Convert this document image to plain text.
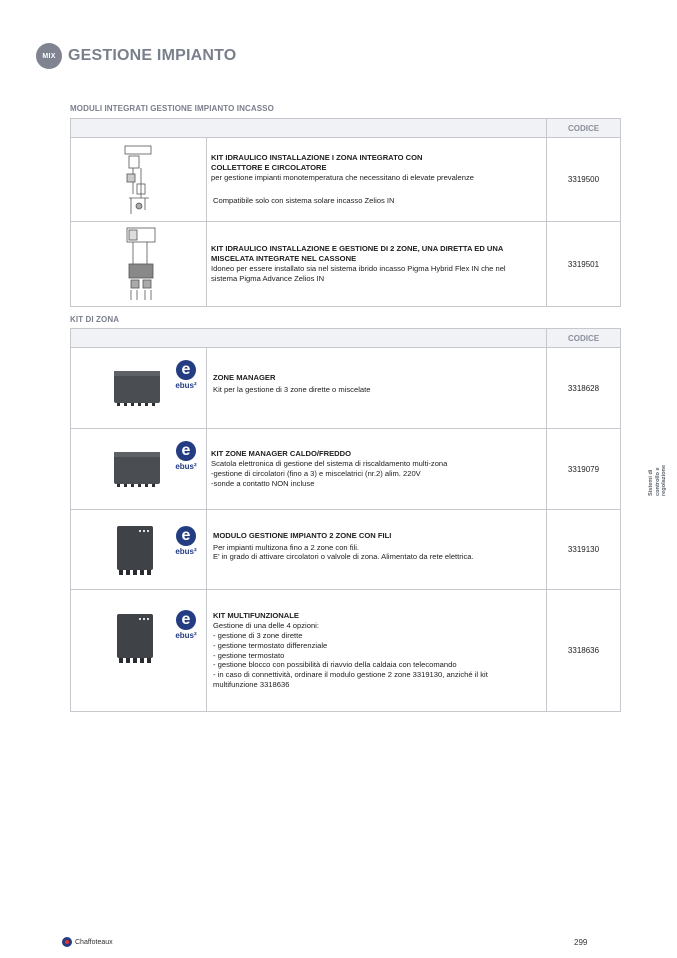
MIX GESTIONE IMPIANTO
MODULI INTEGRATI GESTIONE IMPIANTO INCASSO
CODICE
KIT IDRAULICO INSTALLAZIONE I ZONA INTEGRATO CON
COLLETTORE E CIRCOLATORE
per gestione impianti monotemperatura che necessitano di elevate prevalenze
Compatibile solo con sistema solare incasso Zelios IN
3319500
KIT IDRAULICO INSTALLAZIONE E GESTIONE DI 2 ZONE, UNA DIRETTA ED UNA
MISCELATA INTEGRATE NEL CASSONE
Idoneo per essere installato sia nel sistema ibrido incasso Pigma Hybrid Flex IN che nel
sistema Pigma Advance Zelios IN
3319501
KIT DI ZONA
CODICE
e
ebus²
ZONE MANAGER
Kit per la gestione di 3 zone dirette o miscelate	3318628
e
ebus²
KIT ZONE MANAGER CALDO/FREDDO
Scatola elettronica di gestione del sistema di riscaldamento multi-zona
-gestione di circolatori (fino a 3) e miscelatrici (nr.2) alim. 220V
-sonde a contatto NON incluse
3319079
e
ebus²
MODULO GESTIONE IMPIANTO 2 ZONE CON FILI
Per impianti multizona fino a 2 zone con fili.
E' in grado di attivare circolatori o valvole di zona. Alimentato da rete elettrica.
3319130
e
ebus²
KIT MULTIFUNZIONALE
Gestione di una delle 4 opzioni:
- gestione di 3 zone dirette
- gestione termostato differenziale
- gestione termostato
- gestione blocco con possibilità di riavvio della caldaia con telecomando
- in caso di connettività, ordinare il modulo gestione 2 zone 3319130, anziché il kit
multifunzione 3318636
3318636
Sistemi di controllo e regolazione
Chaffoteaux	299
